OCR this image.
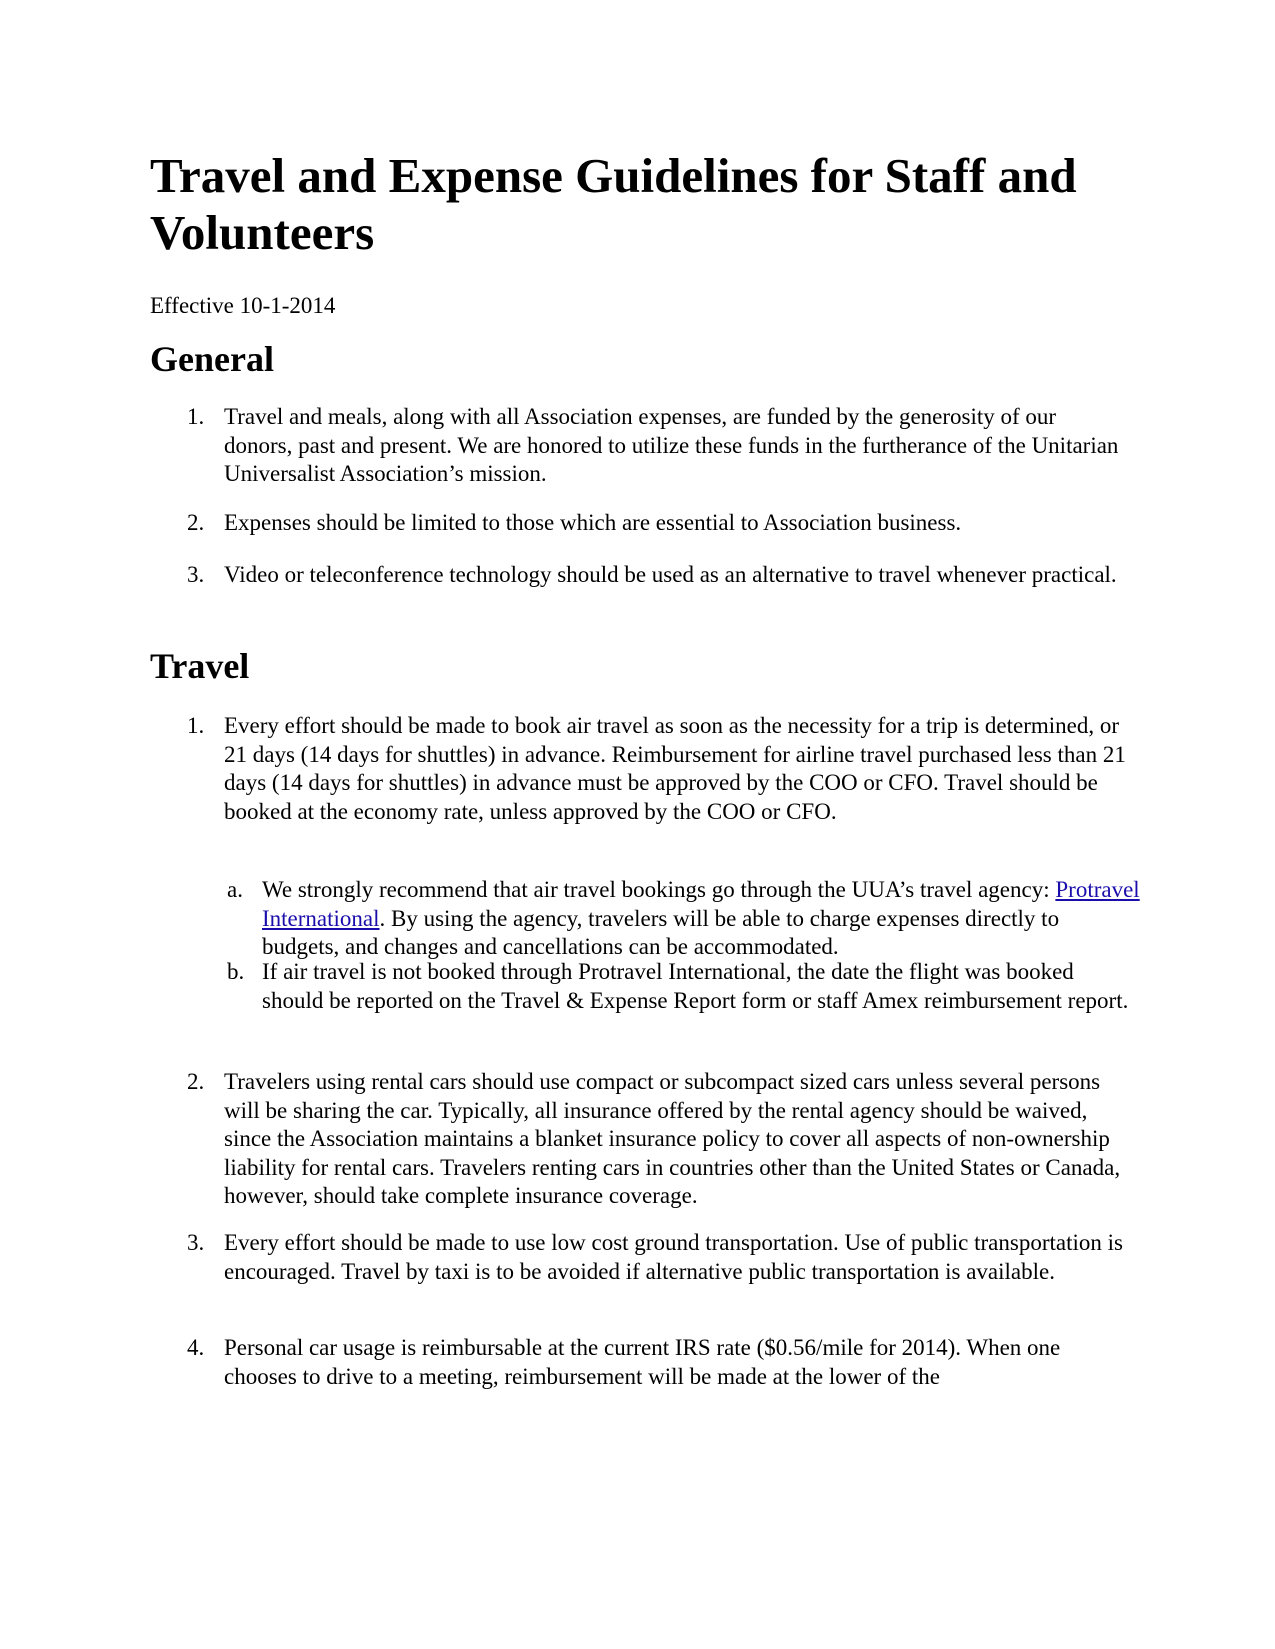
Travel and Expense Guidelines for Staff and Volunteers

Effective 10-1-2014

General
1. Travel and meals, along with all Association expenses, are funded by the generosity of our donors, past and present. We are honored to utilize these funds in the furtherance of the Unitarian Universalist Association’s mission.
2. Expenses should be limited to those which are essential to Association business.
3. Video or teleconference technology should be used as an alternative to travel whenever practical.
Travel
1. Every effort should be made to book air travel as soon as the necessity for a trip is determined, or 21 days (14 days for shuttles) in advance. Reimbursement for airline travel purchased less than 21 days (14 days for shuttles) in advance must be approved by the COO or CFO. Travel should be booked at the economy rate, unless approved by the COO or CFO.
a. We strongly recommend that air travel bookings go through the UUA’s travel agency: Protravel International. By using the agency, travelers will be able to charge expenses directly to budgets, and changes and cancellations can be accommodated.
b. If air travel is not booked through Protravel International, the date the flight was booked should be reported on the Travel & Expense Report form or staff Amex reimbursement report.
2. Travelers using rental cars should use compact or subcompact sized cars unless several persons will be sharing the car. Typically, all insurance offered by the rental agency should be waived, since the Association maintains a blanket insurance policy to cover all aspects of non-ownership liability for rental cars. Travelers renting cars in countries other than the United States or Canada, however, should take complete insurance coverage.
3. Every effort should be made to use low cost ground transportation. Use of public transportation is encouraged. Travel by taxi is to be avoided if alternative public transportation is available.
4. Personal car usage is reimbursable at the current IRS rate ($0.56/mile for 2014). When one chooses to drive to a meeting, reimbursement will be made at the lower of the
